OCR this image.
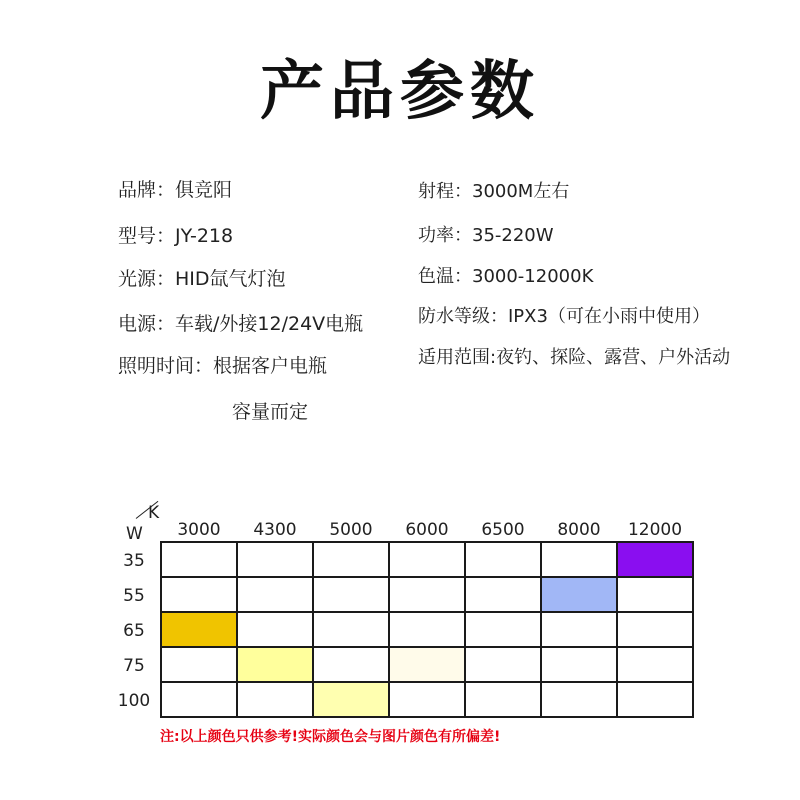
产品参数
品牌：俱竞阳
型号：JY-218
光源：HID氙气灯泡
电源：车载/外接12/24V电瓶
照明时间：根据客户电瓶
容量而定
射程：3000M左右
功率：35-220W
色温：3000-12000K
防水等级：IPX3（可在小雨中使用）
适用范围:夜钓、探险、露营、户外活动
K
W	3000	4300	5000	6000	6500	8000	12000
35
55
65
75
100
注:以上颜色只供参考!实际颜色会与图片颜色有所偏差!
